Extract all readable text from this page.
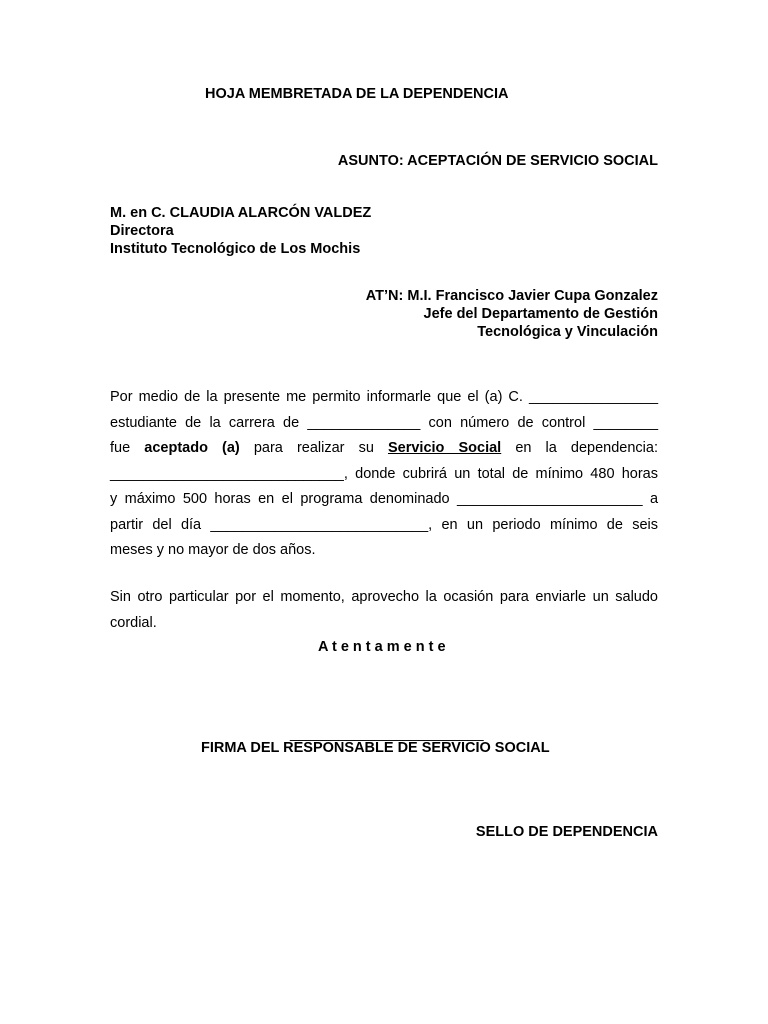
HOJA MEMBRETADA DE LA DEPENDENCIA
ASUNTO: ACEPTACIÓN DE SERVICIO SOCIAL
M. en C. CLAUDIA ALARCÓN VALDEZ
Directora
Instituto Tecnológico de Los Mochis
AT’N: M.I. Francisco Javier Cupa Gonzalez
Jefe del Departamento de Gestión
Tecnológica y Vinculación
Por medio de la presente me permito informarle que el (a) C. ________________
estudiante de la carrera de ______________ con número de control ________
fue aceptado (a) para realizar su Servicio Social en la dependencia:
_____________________________, donde cubrirá un total de mínimo 480 horas
y máximo 500 horas en el programa denominado _______________________ a
partir del día ___________________________, en un periodo mínimo de seis
meses y no mayor de dos años.
Sin otro particular por el momento, aprovecho la ocasión para enviarle un saludo
cordial.
A t e n t a m e n t e
________________________
FIRMA DEL RESPONSABLE DE SERVICIO SOCIAL
SELLO DE DEPENDENCIA
